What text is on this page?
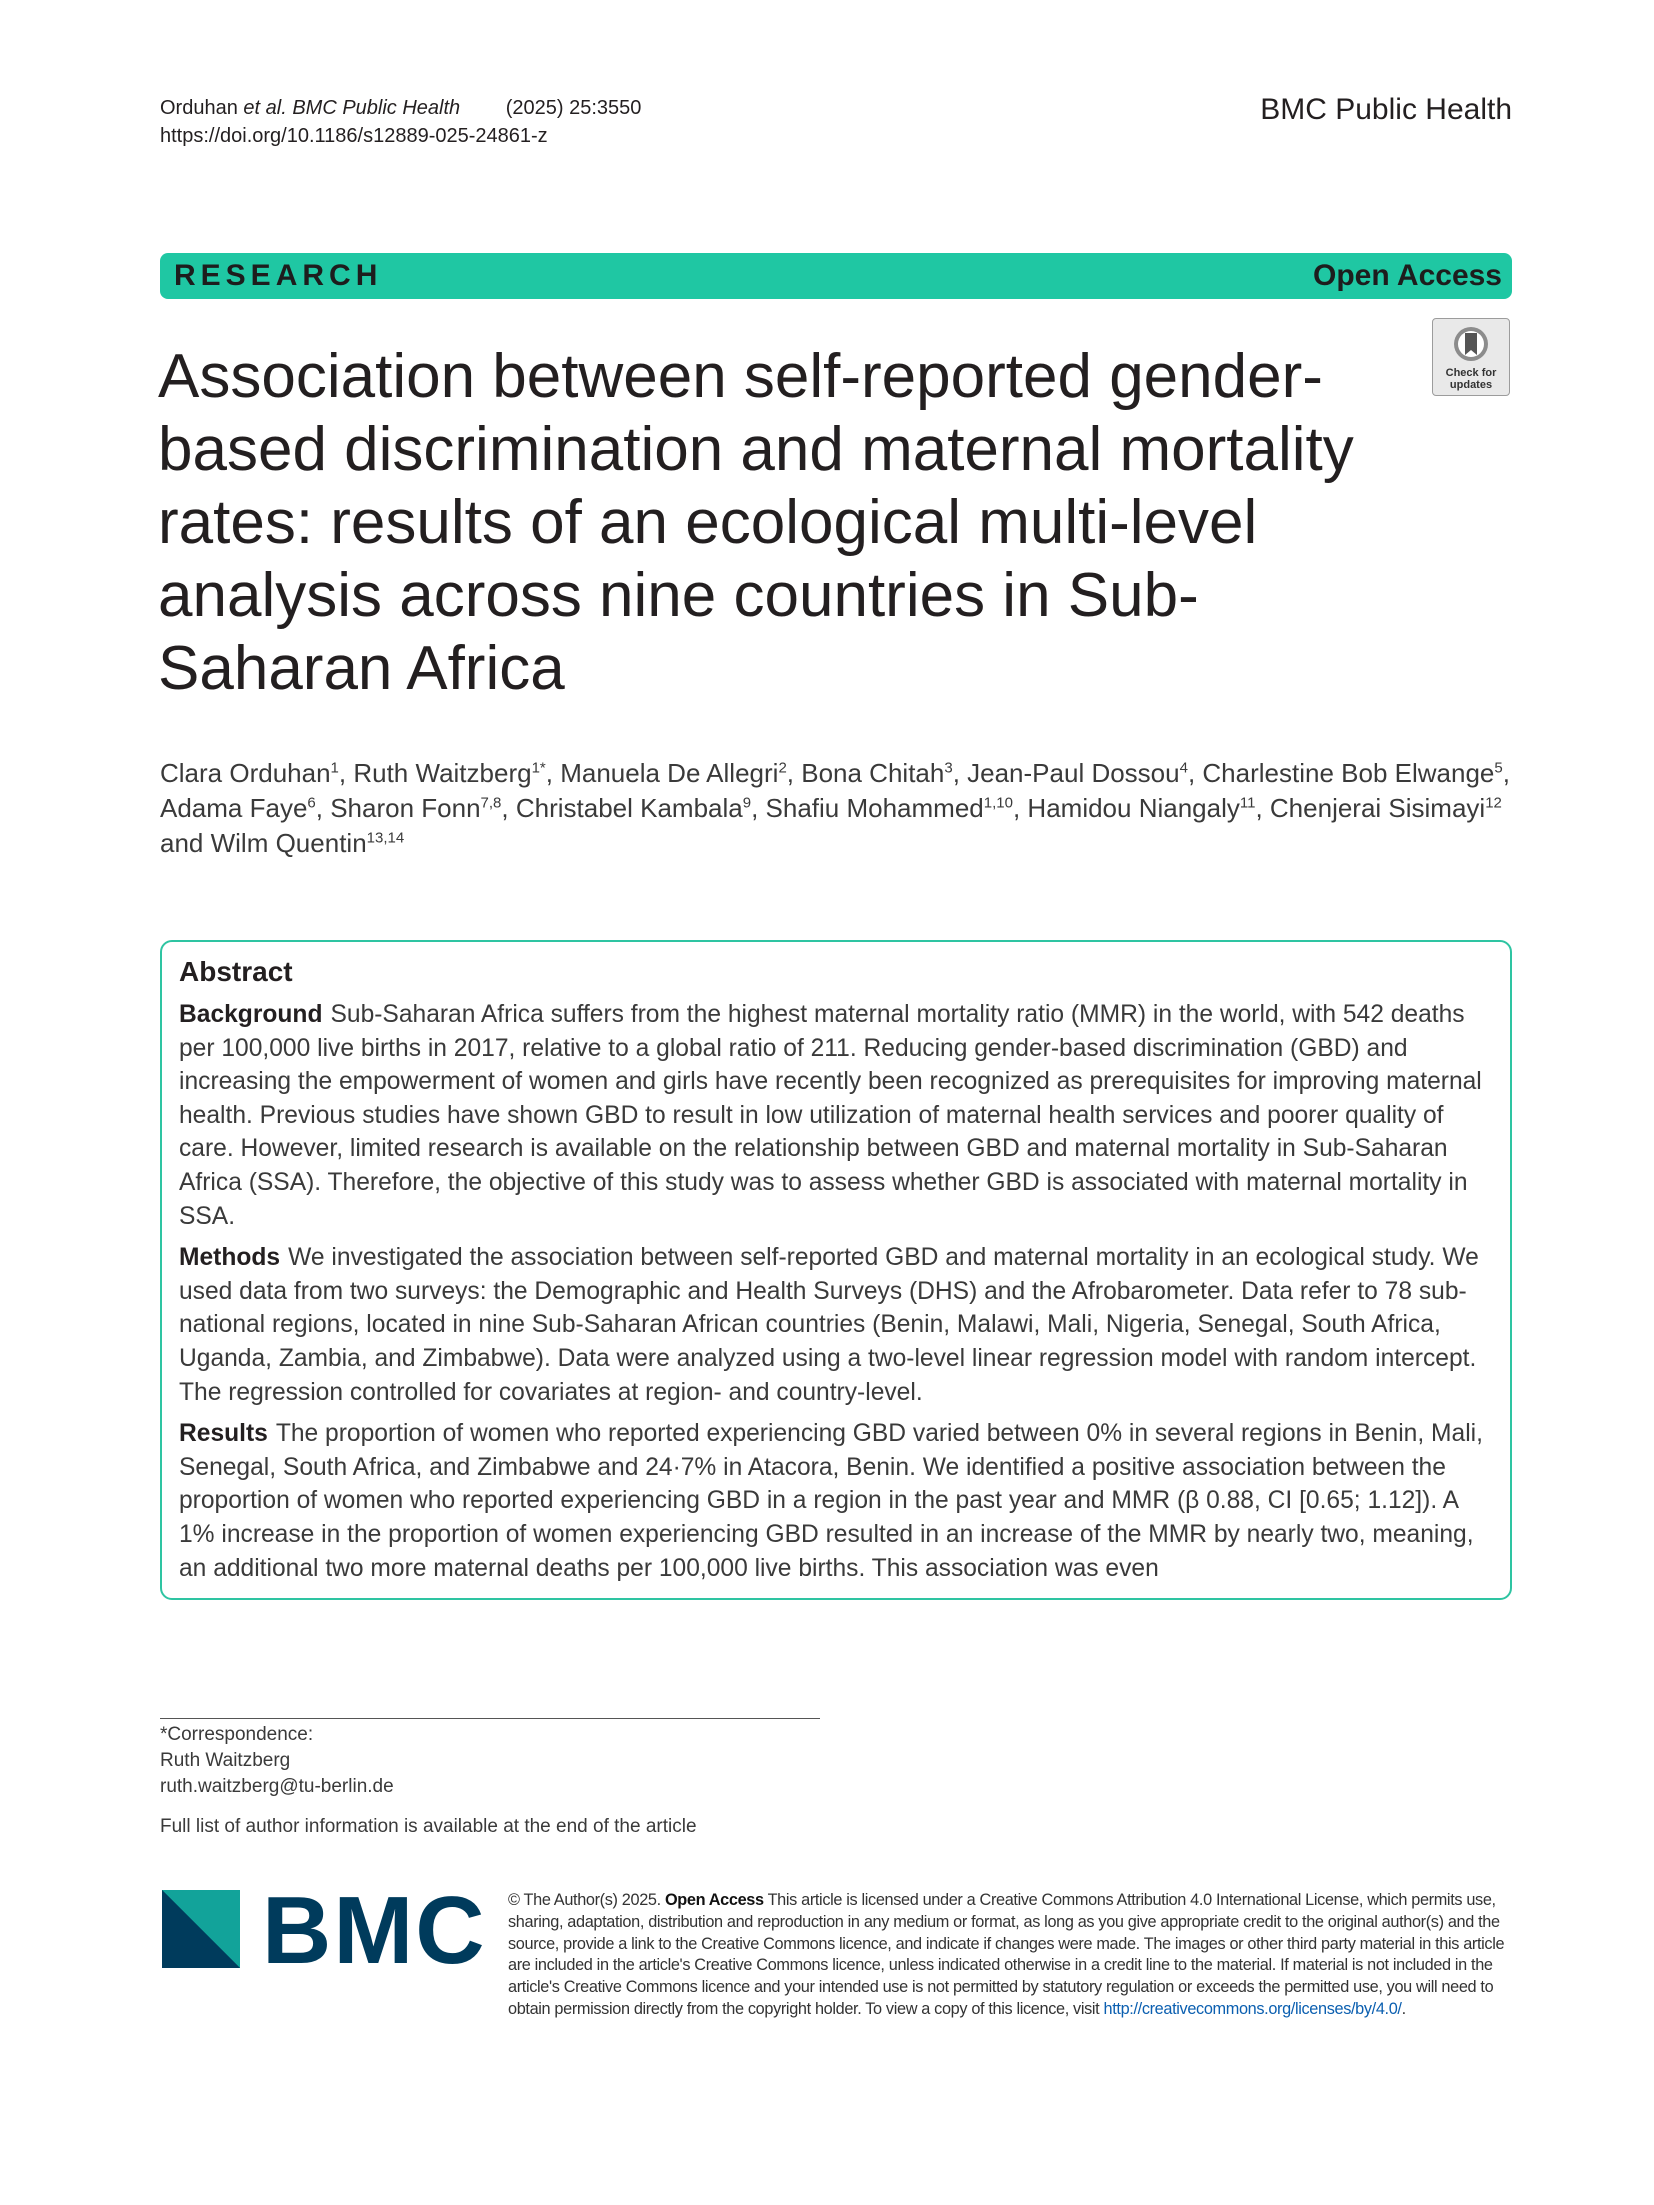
Orduhan et al. BMC Public Health (2025) 25:3550
https://doi.org/10.1186/s12889-025-24861-z
BMC Public Health
RESEARCH	Open Access
Check for
updates
Association between self-reported gender-based discrimination and maternal mortality rates: results of an ecological multi-level analysis across nine countries in Sub-Saharan Africa
Clara Orduhan$^1$, Ruth Waitzberg$^{1*}$, Manuela De Allegri$^2$, Bona Chitah$^3$, Jean-Paul Dossou$^4$, Charlestine Bob Elwange$^5$, Adama Faye$^6$, Sharon Fonn$^{7,8}$, Christabel Kambala$^9$, Shafiu Mohammed$^{1,10}$, Hamidou Niangaly$^{11}$, Chenjerai Sisimayi$^{12}$ and Wilm Quentin$^{13,14}$
Abstract

Background Sub-Saharan Africa suffers from the highest maternal mortality ratio (MMR) in the world, with 542 deaths per 100,000 live births in 2017, relative to a global ratio of 211. Reducing gender-based discrimination (GBD) and increasing the empowerment of women and girls have recently been recognized as prerequisites for improving maternal health. Previous studies have shown GBD to result in low utilization of maternal health services and poorer quality of care. However, limited research is available on the relationship between GBD and maternal mortality in Sub-Saharan Africa (SSA). Therefore, the objective of this study was to assess whether GBD is associated with maternal mortality in SSA.

Methods We investigated the association between self-reported GBD and maternal mortality in an ecological study. We used data from two surveys: the Demographic and Health Surveys (DHS) and the Afrobarometer. Data refer to 78 sub-national regions, located in nine Sub-Saharan African countries (Benin, Malawi, Mali, Nigeria, Senegal, South Africa, Uganda, Zambia, and Zimbabwe). Data were analyzed using a two-level linear regression model with random intercept. The regression controlled for covariates at region- and country-level.

Results The proportion of women who reported experiencing GBD varied between 0% in several regions in Benin, Mali, Senegal, South Africa, and Zimbabwe and 24·7% in Atacora, Benin. We identified a positive association between the proportion of women who reported experiencing GBD in a region in the past year and MMR (β 0.88, CI [0.65; 1.12]). A 1% increase in the proportion of women experiencing GBD resulted in an increase of the MMR by nearly two, meaning, an additional two more maternal deaths per 100,000 live births. This association was even

*Correspondence:
Ruth Waitzberg
ruth.waitzberg@tu-berlin.de
Full list of author information is available at the end of the article
BMC © The Author(s) 2025. Open Access This article is licensed under a Creative Commons Attribution 4.0 International License, which permits use, sharing, adaptation, distribution and reproduction in any medium or format, as long as you give appropriate credit to the original author(s) and the source, provide a link to the Creative Commons licence, and indicate if changes were made. The images or other third party material in this article are included in the article's Creative Commons licence, unless indicated otherwise in a credit line to the material. If material is not included in the article's Creative Commons licence and your intended use is not permitted by statutory regulation or exceeds the permitted use, you will need to obtain permission directly from the copyright holder. To view a copy of this licence, visit http://creativecommons.org/licenses/by/4.0/.
